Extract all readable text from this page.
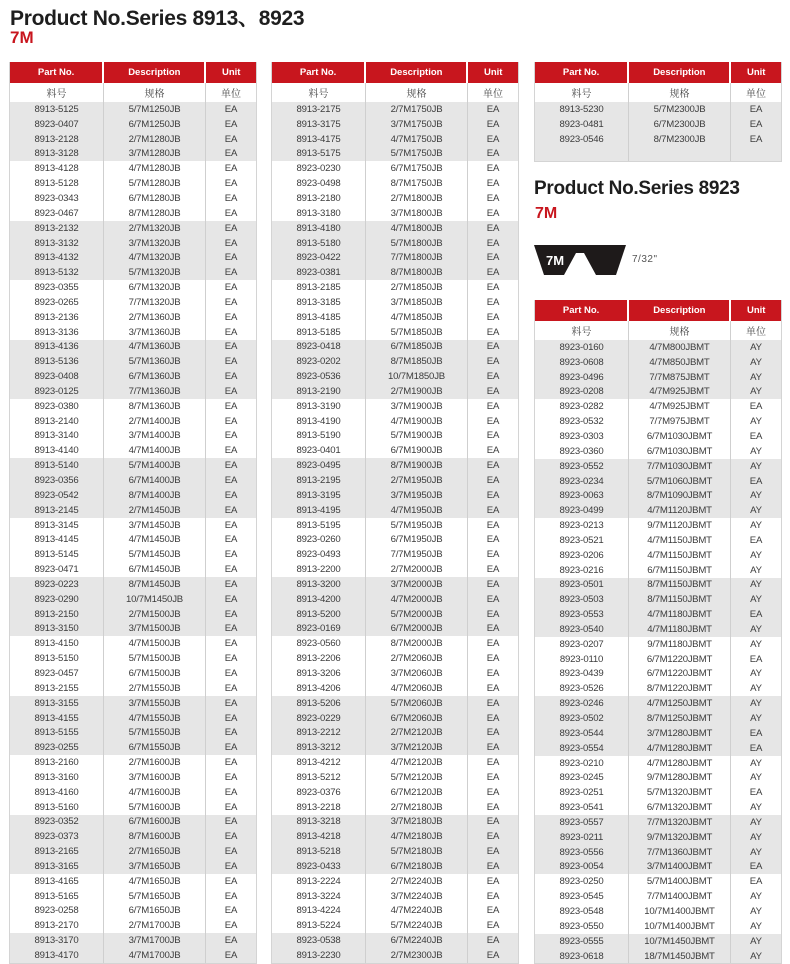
Product No.Series 8913、8923
7M
Part No.	Description	Unit
料号	规格	单位
8913-5125	5/7M1250JB	EA
8923-0407	6/7M1250JB	EA
8913-2128	2/7M1280JB	EA
8913-3128	3/7M1280JB	EA
8913-4128	4/7M1280JB	EA
8913-5128	5/7M1280JB	EA
8923-0343	6/7M1280JB	EA
8923-0467	8/7M1280JB	EA
8913-2132	2/7M1320JB	EA
8913-3132	3/7M1320JB	EA
8913-4132	4/7M1320JB	EA
8913-5132	5/7M1320JB	EA
8923-0355	6/7M1320JB	EA
8923-0265	7/7M1320JB	EA
8913-2136	2/7M1360JB	EA
8913-3136	3/7M1360JB	EA
8913-4136	4/7M1360JB	EA
8913-5136	5/7M1360JB	EA
8923-0408	6/7M1360JB	EA
8923-0125	7/7M1360JB	EA
8923-0380	8/7M1360JB	EA
8913-2140	2/7M1400JB	EA
8913-3140	3/7M1400JB	EA
8913-4140	4/7M1400JB	EA
8913-5140	5/7M1400JB	EA
8923-0356	6/7M1400JB	EA
8923-0542	8/7M1400JB	EA
8913-2145	2/7M1450JB	EA
8913-3145	3/7M1450JB	EA
8913-4145	4/7M1450JB	EA
8913-5145	5/7M1450JB	EA
8923-0471	6/7M1450JB	EA
8923-0223	8/7M1450JB	EA
8923-0290	10/7M1450JB	EA
8913-2150	2/7M1500JB	EA
8913-3150	3/7M1500JB	EA
8913-4150	4/7M1500JB	EA
8913-5150	5/7M1500JB	EA
8923-0457	6/7M1500JB	EA
8913-2155	2/7M1550JB	EA
8913-3155	3/7M1550JB	EA
8913-4155	4/7M1550JB	EA
8913-5155	5/7M1550JB	EA
8923-0255	6/7M1550JB	EA
8913-2160	2/7M1600JB	EA
8913-3160	3/7M1600JB	EA
8913-4160	4/7M1600JB	EA
8913-5160	5/7M1600JB	EA
8923-0352	6/7M1600JB	EA
8923-0373	8/7M1600JB	EA
8913-2165	2/7M1650JB	EA
8913-3165	3/7M1650JB	EA
8913-4165	4/7M1650JB	EA
8913-5165	5/7M1650JB	EA
8923-0258	6/7M1650JB	EA
8913-2170	2/7M1700JB	EA
8913-3170	3/7M1700JB	EA
8913-4170	4/7M1700JB	EA
Part No.	Description	Unit
料号	规格	单位
8913-2175	2/7M1750JB	EA
8913-3175	3/7M1750JB	EA
8913-4175	4/7M1750JB	EA
8913-5175	5/7M1750JB	EA
8923-0230	6/7M1750JB	EA
8923-0498	8/7M1750JB	EA
8913-2180	2/7M1800JB	EA
8913-3180	3/7M1800JB	EA
8913-4180	4/7M1800JB	EA
8913-5180	5/7M1800JB	EA
8923-0422	7/7M1800JB	EA
8923-0381	8/7M1800JB	EA
8913-2185	2/7M1850JB	EA
8913-3185	3/7M1850JB	EA
8913-4185	4/7M1850JB	EA
8913-5185	5/7M1850JB	EA
8923-0418	6/7M1850JB	EA
8923-0202	8/7M1850JB	EA
8923-0536	10/7M1850JB	EA
8913-2190	2/7M1900JB	EA
8913-3190	3/7M1900JB	EA
8913-4190	4/7M1900JB	EA
8913-5190	5/7M1900JB	EA
8923-0401	6/7M1900JB	EA
8923-0495	8/7M1900JB	EA
8913-2195	2/7M1950JB	EA
8913-3195	3/7M1950JB	EA
8913-4195	4/7M1950JB	EA
8913-5195	5/7M1950JB	EA
8923-0260	6/7M1950JB	EA
8923-0493	7/7M1950JB	EA
8913-2200	2/7M2000JB	EA
8913-3200	3/7M2000JB	EA
8913-4200	4/7M2000JB	EA
8913-5200	5/7M2000JB	EA
8923-0169	6/7M2000JB	EA
8923-0560	8/7M2000JB	EA
8913-2206	2/7M2060JB	EA
8913-3206	3/7M2060JB	EA
8913-4206	4/7M2060JB	EA
8913-5206	5/7M2060JB	EA
8923-0229	6/7M2060JB	EA
8913-2212	2/7M2120JB	EA
8913-3212	3/7M2120JB	EA
8913-4212	4/7M2120JB	EA
8913-5212	5/7M2120JB	EA
8923-0376	6/7M2120JB	EA
8913-2218	2/7M2180JB	EA
8913-3218	3/7M2180JB	EA
8913-4218	4/7M2180JB	EA
8913-5218	5/7M2180JB	EA
8923-0433	6/7M2180JB	EA
8913-2224	2/7M2240JB	EA
8913-3224	3/7M2240JB	EA
8913-4224	4/7M2240JB	EA
8913-5224	5/7M2240JB	EA
8923-0538	6/7M2240JB	EA
8913-2230	2/7M2300JB	EA
Part No.	Description	Unit
料号	规格	单位
8913-5230	5/7M2300JB	EA
8923-0481	6/7M2300JB	EA
8923-0546	8/7M2300JB	EA
Product No.Series 8923
7M
7M	7/32"
Part No.	Description	Unit
料号	规格	单位
8923-0160	4/7M800JBMT	AY
8923-0608	4/7M850JBMT	AY
8923-0496	7/7M875JBMT	AY
8923-0208	4/7M925JBMT	AY
8923-0282	4/7M925JBMT	EA
8923-0532	7/7M975JBMT	AY
8923-0303	6/7M1030JBMT	EA
8923-0360	6/7M1030JBMT	AY
8923-0552	7/7M1030JBMT	AY
8923-0234	5/7M1060JBMT	EA
8923-0063	8/7M1090JBMT	AY
8923-0499	4/7M1120JBMT	AY
8923-0213	9/7M1120JBMT	AY
8923-0521	4/7M1150JBMT	EA
8923-0206	4/7M1150JBMT	AY
8923-0216	6/7M1150JBMT	AY
8923-0501	8/7M1150JBMT	AY
8923-0503	8/7M1150JBMT	AY
8923-0553	4/7M1180JBMT	EA
8923-0540	4/7M1180JBMT	AY
8923-0207	9/7M1180JBMT	AY
8923-0110	6/7M1220JBMT	EA
8923-0439	6/7M1220JBMT	AY
8923-0526	8/7M1220JBMT	AY
8923-0246	4/7M1250JBMT	AY
8923-0502	8/7M1250JBMT	AY
8923-0544	3/7M1280JBMT	EA
8923-0554	4/7M1280JBMT	EA
8923-0210	4/7M1280JBMT	AY
8923-0245	9/7M1280JBMT	AY
8923-0251	5/7M1320JBMT	EA
8923-0541	6/7M1320JBMT	AY
8923-0557	7/7M1320JBMT	AY
8923-0211	9/7M1320JBMT	AY
8923-0556	7/7M1360JBMT	AY
8923-0054	3/7M1400JBMT	EA
8923-0250	5/7M1400JBMT	EA
8923-0545	7/7M1400JBMT	AY
8923-0548	10/7M1400JBMT	AY
8923-0550	10/7M1400JBMT	AY
8923-0555	10/7M1450JBMT	AY
8923-0618	18/7M1450JBMT	AY
